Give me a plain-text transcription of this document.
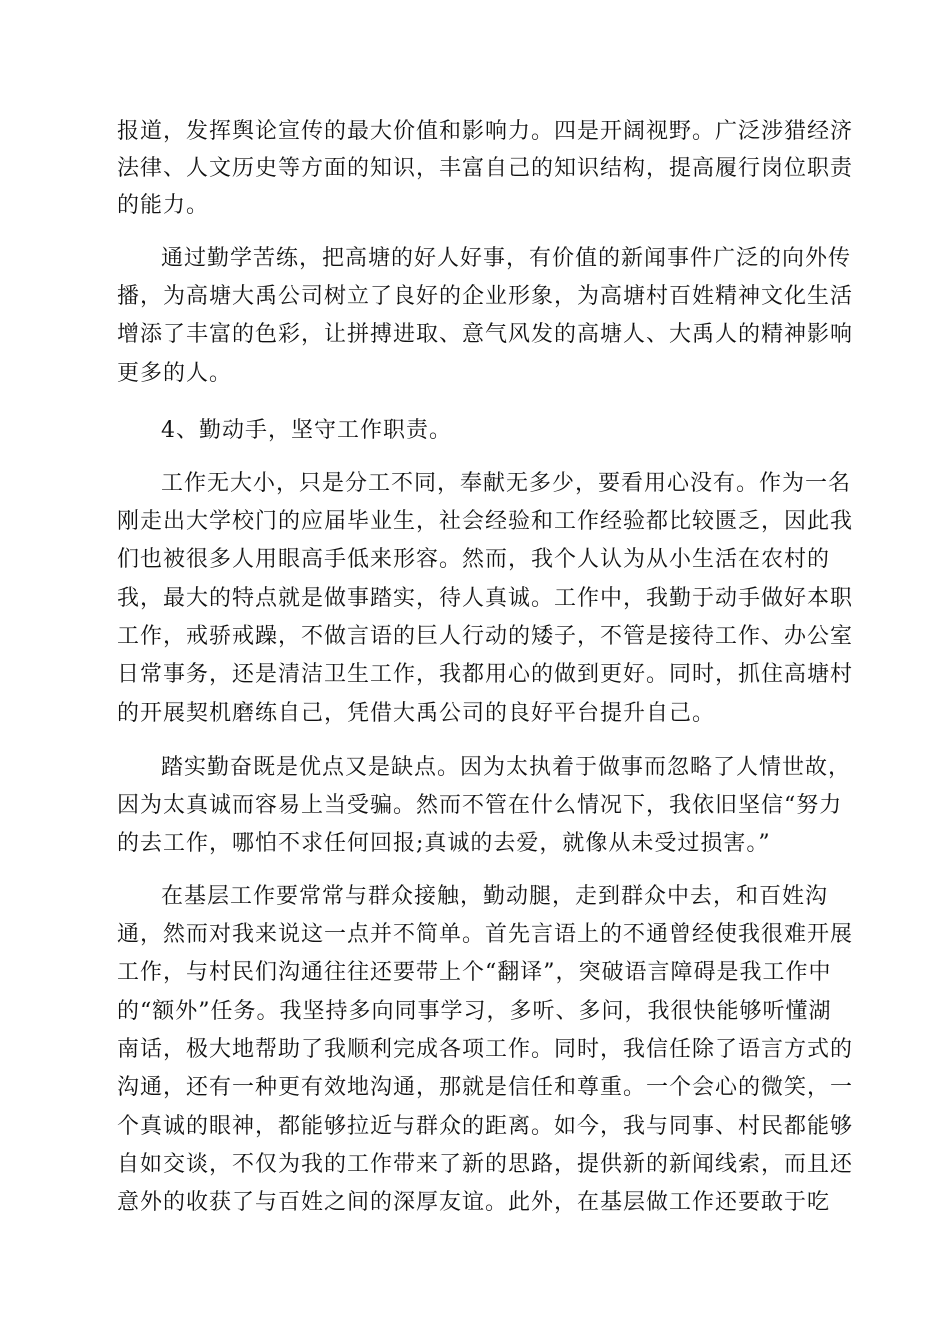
报道，发挥舆论宣传的最大价值和影响力。四是开阔视野。广泛涉猎经济
法律、人文历史等方面的知识，丰富自己的知识结构，提高履行岗位职责
的能力。
通过勤学苦练，把高塘的好人好事，有价值的新闻事件广泛的向外传
播，为高塘大禹公司树立了良好的企业形象，为高塘村百姓精神文化生活
增添了丰富的色彩，让拼搏进取、意气风发的高塘人、大禹人的精神影响
更多的人。
4、勤动手，坚守工作职责。
工作无大小，只是分工不同，奉献无多少，要看用心没有。作为一名
刚走出大学校门的应届毕业生，社会经验和工作经验都比较匮乏，因此我
们也被很多人用眼高手低来形容。然而，我个人认为从小生活在农村的
我，最大的特点就是做事踏实，待人真诚。工作中，我勤于动手做好本职
工作，戒骄戒躁，不做言语的巨人行动的矮子，不管是接待工作、办公室
日常事务，还是清洁卫生工作，我都用心的做到更好。同时，抓住高塘村
的开展契机磨练自己，凭借大禹公司的良好平台提升自己。
踏实勤奋既是优点又是缺点。因为太执着于做事而忽略了人情世故，
因为太真诚而容易上当受骗。然而不管在什么情况下，我依旧坚信“努力
的去工作，哪怕不求任何回报;真诚的去爱，就像从未受过损害。”
在基层工作要常常与群众接触，勤动腿，走到群众中去，和百姓沟
通，然而对我来说这一点并不简单。首先言语上的不通曾经使我很难开展
工作，与村民们沟通往往还要带上个“翻译”，突破语言障碍是我工作中
的“额外”任务。我坚持多向同事学习，多听、多问，我很快能够听懂湖
南话，极大地帮助了我顺利完成各项工作。同时，我信任除了语言方式的
沟通，还有一种更有效地沟通，那就是信任和尊重。一个会心的微笑，一
个真诚的眼神，都能够拉近与群众的距离。如今，我与同事、村民都能够
自如交谈，不仅为我的工作带来了新的思路，提供新的新闻线索，而且还
意外的收获了与百姓之间的深厚友谊。此外，在基层做工作还要敢于吃
